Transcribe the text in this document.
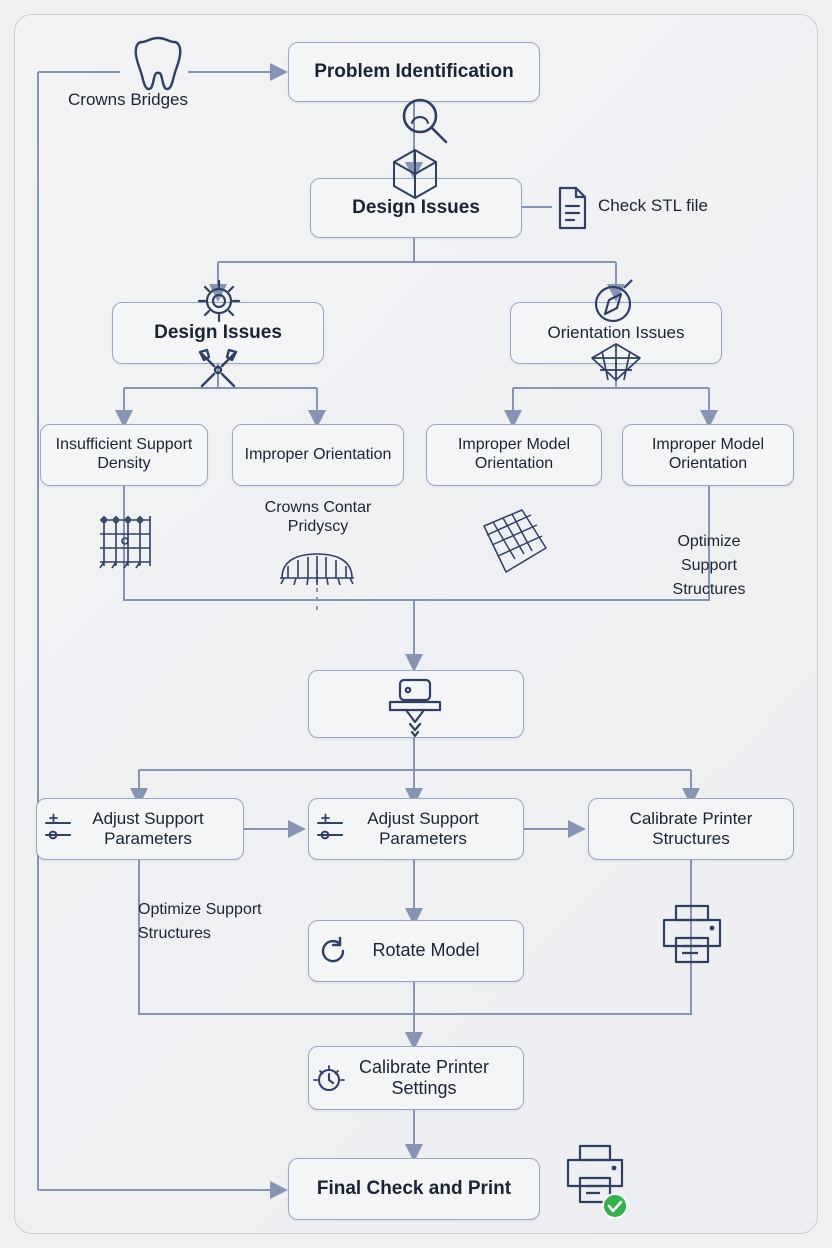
Problem Identification
Design Issues
Design Issues	Orientation Issues
Insufficient Support Density
Improper Orientation
Improper Model Orientation
Improper Model Orientation
Adjust Support Parameters
Adjust Support Parameters
Calibrate Printer Structures
Rotate Model
Calibrate Printer Settings
Final Check and Print
Crowns Bridges
Check STL file
Crowns Contar Pridyscy
Optimize Support Structures
Optimize Support Structures
